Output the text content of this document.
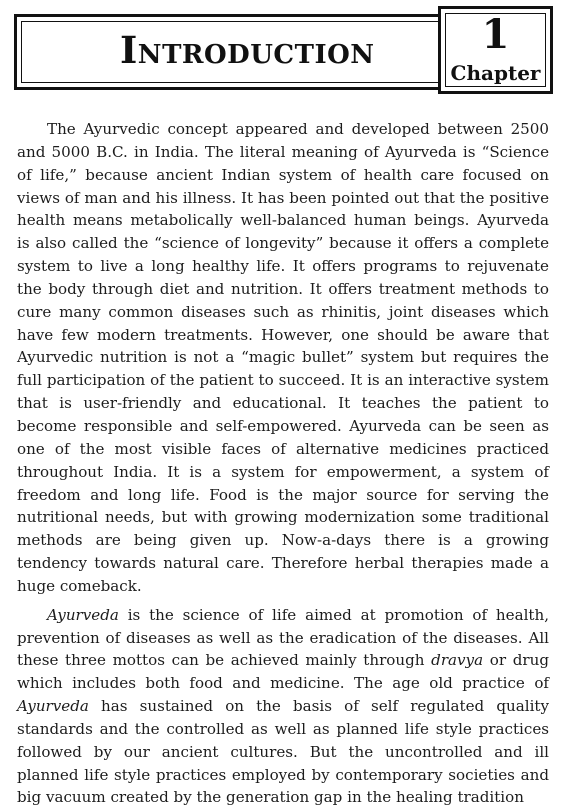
Introduction	1
Chapter

The Ayurvedic concept appeared and developed between 2500 and 5000 B.C. in India. The literal meaning of Ayurveda is “Science of life,” because ancient Indian system of health care focused on views of man and his illness. It has been pointed out that the positive health means metabolically well-balanced human beings. Ayurveda is also called the “science of longevity” because it offers a complete system to live a long healthy life. It offers programs to rejuvenate the body through diet and nutrition. It offers treatment methods to cure many common diseases such as rhinitis, joint diseases which have few modern treatments. However, one should be aware that Ayurvedic nutrition is not a “magic bullet” system but requires the full participation of the patient to succeed. It is an interactive system that is user-friendly and educational. It teaches the patient to become responsible and self-empowered. Ayurveda can be seen as one of the most visible faces of alternative medicines practiced throughout India. It is a system for empowerment, a system of freedom and long life. Food is the major source for serving the nutritional needs, but with growing modernization some traditional methods are being given up. Now-a-days there is a growing tendency towards natural care. Therefore herbal therapies made a huge comeback.

Ayurveda is the science of life aimed at promotion of health, prevention of diseases as well as the eradication of the diseases. All these three mottos can be achieved mainly through dravya or drug which includes both food and medicine. The age old practice of Ayurveda has sustained on the basis of self regulated quality standards and the controlled as well as planned life style practices followed by our ancient cultures. But the uncontrolled and ill planned life style practices employed by contemporary societies and big vacuum created by the generation gap in the healing tradition
